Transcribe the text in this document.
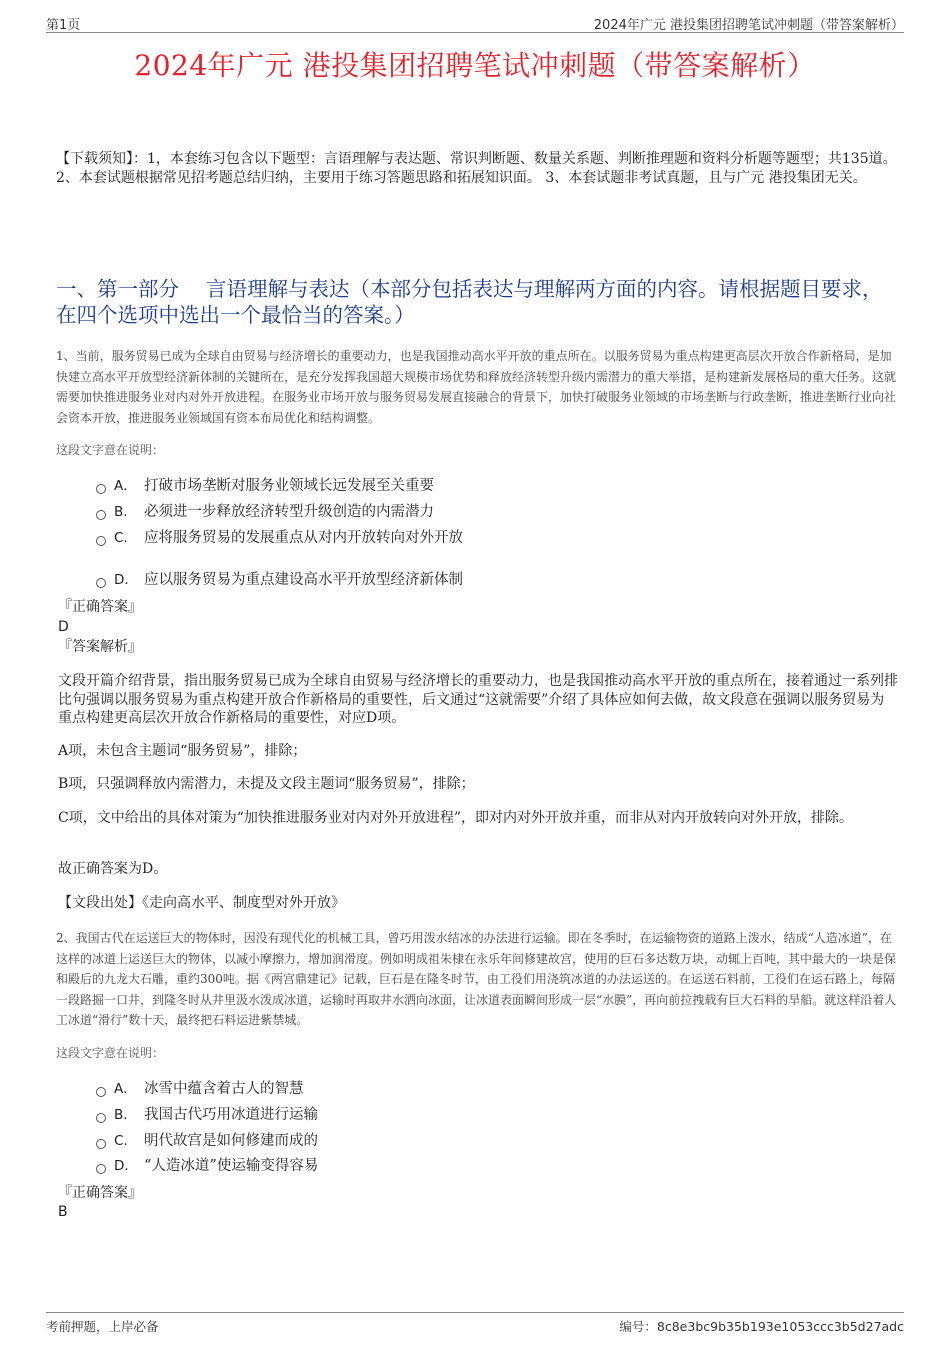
第1页	2024年广元 港投集团招聘笔试冲刺题（带答案解析）
2024年广元 港投集团招聘笔试冲刺题（带答案解析）
【下载须知】：1，本套练习包含以下题型：言语理解与表达题、常识判断题、数量关系题、判断推理题和资料分析题等题型；共135道。 2、本套试题根据常见招考题总结归纳，主要用于练习答题思路和拓展知识面。 3、本套试题非考试真题，且与广元 港投集团无关。
一、第一部分　 言语理解与表达（本部分包括表达与理解两方面的内容。请根据题目要求，在四个选项中选出一个最恰当的答案。）
1、当前，服务贸易已成为全球自由贸易与经济增长的重要动力，也是我国推动高水平开放的重点所在。以服务贸易为重点构建更高层次开放合作新格局，是加快建立高水平开放型经济新体制的关键所在，是充分发挥我国超大规模市场优势和释放经济转型升级内需潜力的重大举措，是构建新发展格局的重大任务。这就需要加快推进服务业对内对外开放进程。在服务业市场开放与服务贸易发展直接融合的背景下，加快打破服务业领域的市场垄断与行政垄断，推进垄断行业向社会资本开放，推进服务业领域国有资本布局优化和结构调整。
这段文字意在说明：
A． 打破市场垄断对服务业领域长远发展至关重要
B.	必须进一步释放经济转型升级创造的内需潜力
C.	应将服务贸易的发展重点从对内开放转向对外开放
D.	应以服务贸易为重点建设高水平开放型经济新体制
『正确答案』
D
『答案解析』
文段开篇介绍背景，指出服务贸易已成为全球自由贸易与经济增长的重要动力，也是我国推动高水平开放的重点所在，接着通过一系列排比句强调以服务贸易为重点构建开放合作新格局的重要性，后文通过“这就需要”介绍了具体应如何去做，故文段意在强调以服务贸易为重点构建更高层次开放合作新格局的重要性，对应D项。
A项，未包含主题词“服务贸易”，排除；
B项，只强调释放内需潜力，未提及文段主题词“服务贸易”，排除；
C项，文中给出的具体对策为“加快推进服务业对内对外开放进程”，即对内对外开放并重，而非从对内开放转向对外开放，排除。
故正确答案为D。
【文段出处】《走向高水平、制度型对外开放》
2、我国古代在运送巨大的物体时，因没有现代化的机械工具，曾巧用泼水结冰的办法进行运输。即在冬季时，在运输物资的道路上泼水，结成“人造冰道”，在这样的冰道上运送巨大的物体，以减小摩擦力，增加润滑度。例如明成祖朱棣在永乐年间修建故宫，使用的巨石多达数万块，动辄上百吨，其中最大的一块是保和殿后的九龙大石雕，重约300吨。据《两宫鼎建记》记载，巨石是在隆冬时节，由工役们用浇筑冰道的办法运送的。在运送石料前，工役们在运石路上，每隔一段路掘一口井，到隆冬时从井里汲水泼成冰道，运输时再取井水洒向冰面，让冰道表面瞬间形成一层“水膜”，再向前拉拽载有巨大石料的旱船。就这样沿着人工冰道“滑行”数十天，最终把石料运进紫禁城。
这段文字意在说明：
A． 冰雪中蕴含着古人的智慧
B.	我国古代巧用冰道进行运输
C.	明代故宫是如何修建而成的
D.	“人造冰道”使运输变得容易
『正确答案』
B
考前押题，上岸必备	编号：8c8e3bc9b35b193e1053ccc3b5d27adc
